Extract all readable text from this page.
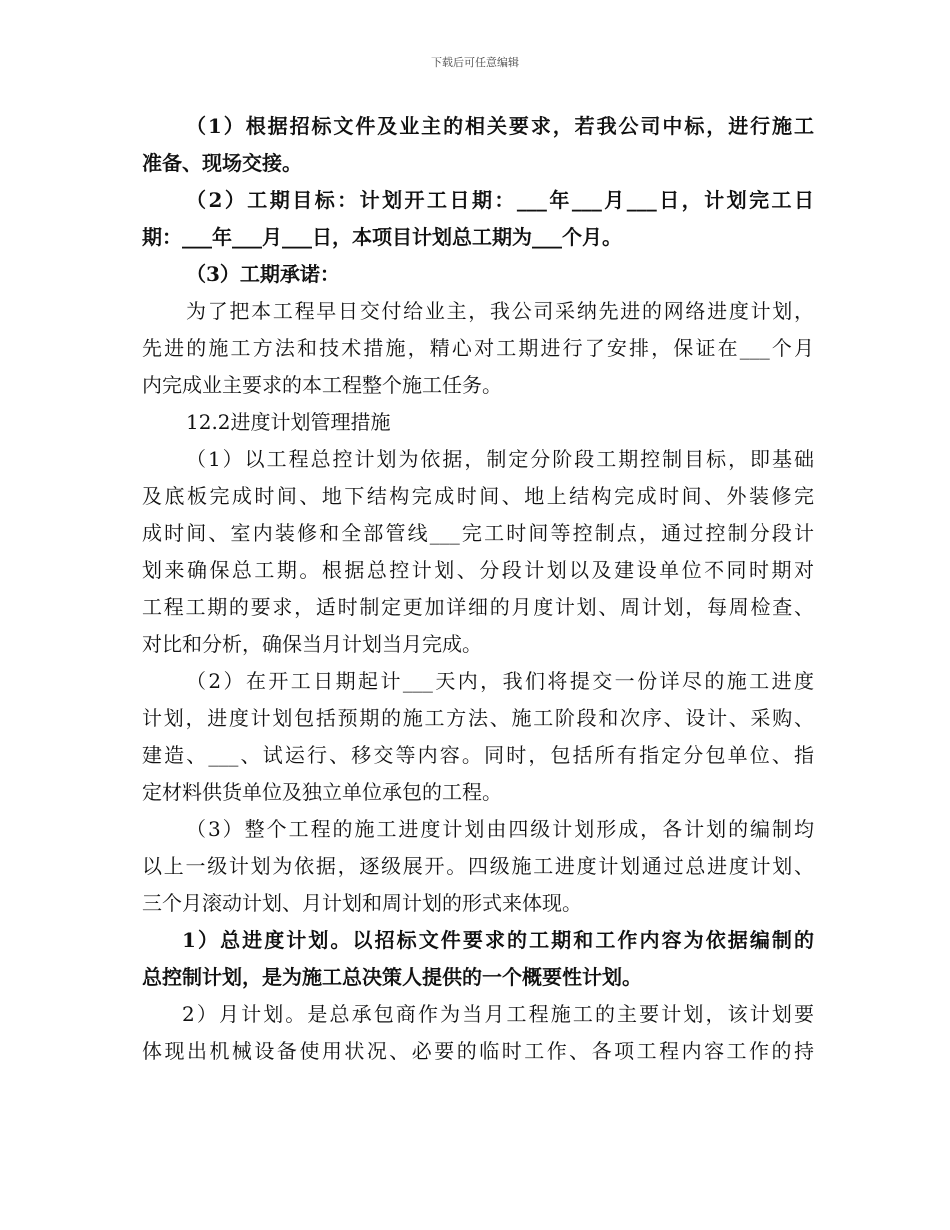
下载后可任意编辑
（1）根据招标文件及业主的相关要求，若我公司中标，进行施工
准备、现场交接。
（2）工期目标：计划开工日期：___年___月___日，计划完工日
期：___年___月___日，本项目计划总工期为___个月。
（3）工期承诺：
为了把本工程早日交付给业主，我公司采纳先进的网络进度计划，
先进的施工方法和技术措施，精心对工期进行了安排，保证在___个月
内完成业主要求的本工程整个施工任务。
12.2进度计划管理措施
（1）以工程总控计划为依据，制定分阶段工期控制目标，即基础
及底板完成时间、地下结构完成时间、地上结构完成时间、外装修完
成时间、室内装修和全部管线___完工时间等控制点，通过控制分段计
划来确保总工期。根据总控计划、分段计划以及建设单位不同时期对
工程工期的要求，适时制定更加详细的月度计划、周计划，每周检查、
对比和分析，确保当月计划当月完成。
（2）在开工日期起计___天内，我们将提交一份详尽的施工进度
计划，进度计划包括预期的施工方法、施工阶段和次序、设计、采购、
建造、___、试运行、移交等内容。同时，包括所有指定分包单位、指
定材料供货单位及独立单位承包的工程。
（3）整个工程的施工进度计划由四级计划形成，各计划的编制均
以上一级计划为依据，逐级展开。四级施工进度计划通过总进度计划、
三个月滚动计划、月计划和周计划的形式来体现。
1）总进度计划。以招标文件要求的工期和工作内容为依据编制的
总控制计划，是为施工总决策人提供的一个概要性计划。
2）月计划。是总承包商作为当月工程施工的主要计划，该计划要
体现出机械设备使用状况、必要的临时工作、各项工程内容工作的持
